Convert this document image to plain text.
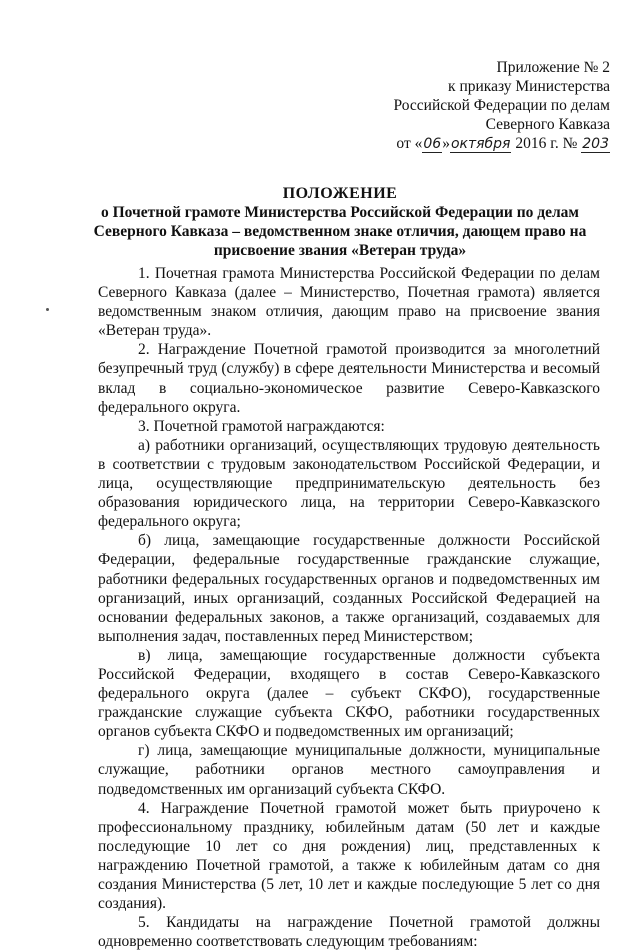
Приложение № 2
к приказу Министерства
Российской Федерации по делам
Северного Кавказа
от «06»октября 2016 г. № 203
ПОЛОЖЕНИЕ
о Почетной грамоте Министерства Российской Федерации по делам Северного Кавказа – ведомственном знаке отличия, дающем право на присвоение звания «Ветеран труда»

1. Почетная грамота Министерства Российской Федерации по делам Северного Кавказа (далее – Министерство, Почетная грамота) является ведомственным знаком отличия, дающим право на присвоение звания «Ветеран труда».

2. Награждение Почетной грамотой производится за многолетний безупречный труд (службу) в сфере деятельности Министерства и весомый вклад в социально-экономическое развитие Северо-Кавказского федерального округа.

3. Почетной грамотой награждаются:

а) работники организаций, осуществляющих трудовую деятельность в соответствии с трудовым законодательством Российской Федерации, и лица, осуществляющие предпринимательскую деятельность без образования юридического лица, на территории Северо-Кавказского федерального округа;

б) лица, замещающие государственные должности Российской Федерации, федеральные государственные гражданские служащие, работники федеральных государственных органов и подведомственных им организаций, иных организаций, созданных Российской Федерацией на основании федеральных законов, а также организаций, создаваемых для выполнения задач, поставленных перед Министерством;

в) лица, замещающие государственные должности субъекта Российской Федерации, входящего в состав Северо-Кавказского федерального округа (далее – субъект СКФО), государственные гражданские служащие субъекта СКФО, работники государственных органов субъекта СКФО и подведомственных им организаций;

г) лица, замещающие муниципальные должности, муниципальные служащие, работники органов местного самоуправления и подведомственных им организаций субъекта СКФО.

4. Награждение Почетной грамотой может быть приурочено к профессиональному празднику, юбилейным датам (50 лет и каждые последующие 10 лет со дня рождения) лиц, представленных к награждению Почетной грамотой, а также к юбилейным датам со дня создания Министерства (5 лет, 10 лет и каждые последующие 5 лет со дня создания).

5. Кандидаты на награждение Почетной грамотой должны одновременно соответствовать следующим требованиям:
